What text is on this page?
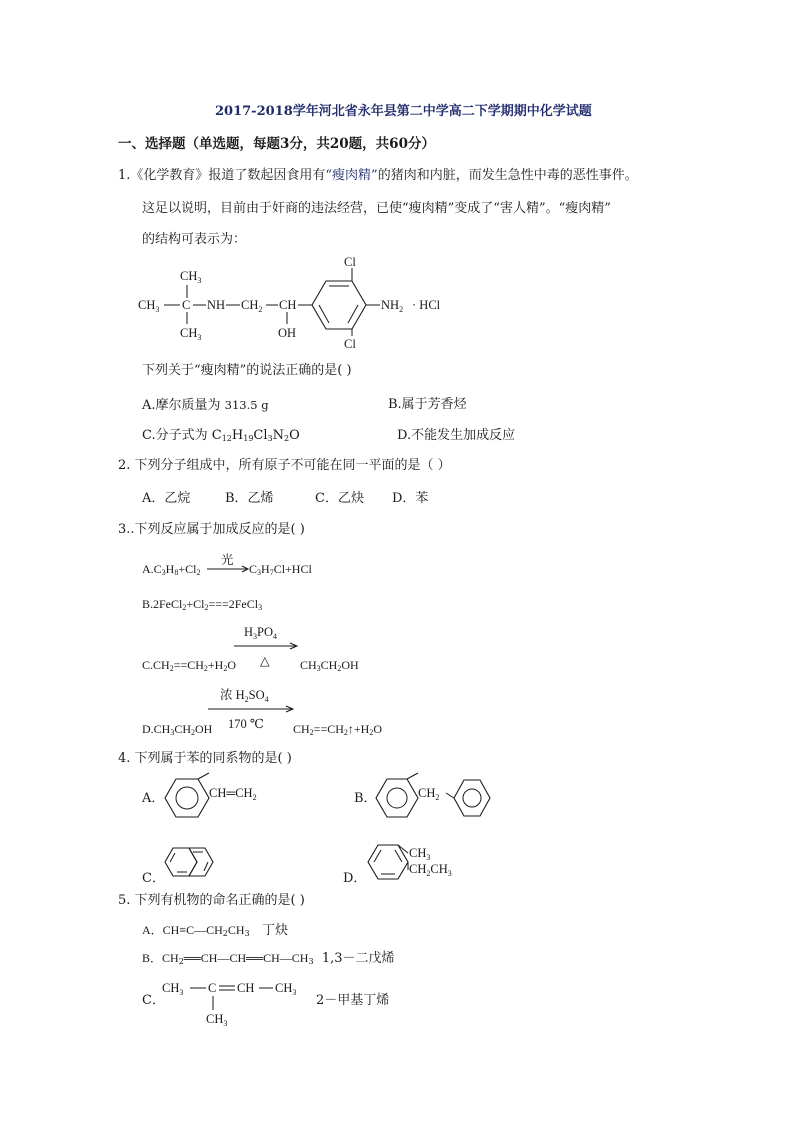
2017-2018学年河北省永年县第二中学高二下学期期中化学试题
一、选择题（单选题，每题3分，共20题，共60分）
1.《化学教育》报道了数起因食用有“瘦肉精”的猪肉和内脏，而发生急性中毒的恶性事件。
这足以说明，目前由于奸商的违法经营，已使“瘦肉精”变成了“害人精”。“瘦肉精”
的结构可表示为：
$CH_3$
$CH_3$ C
$CH_3$
NH $CH_2$ CH
OH
Cl
Cl
$NH_2$ · HCl
下列关于“瘦肉精”的说法正确的是( )
A.摩尔质量为 313.5 g	B.属于芳香烃
C.分子式为 $C_{12}H_{19}Cl_3N_2O$	D.不能发生加成反应
2. 下列分子组成中，所有原子不可能在同一平面的是（ ）
A．乙烷	B．乙烯	C．乙炔 D．苯
3..下列反应属于加成反应的是( )
$A.C_3H_8+Cl_2$
光
$C_3H_7Cl+HCl$
$B.2FeCl_2+Cl_2===2FeCl_3$
$H_3PO_4$
△
$C.CH_2==CH_2+H_2O$	$CH_3CH_2OH$
浓 $H_2SO_4$
170 ℃
$D.CH_3CH_2OH$	$CH_2==CH_2↑+H_2O$
4. 下列属于苯的同系物的是( )
A．	$CH═CH_2$	B．	$CH_2$
C．	D．
$CH_3$
$CH_2CH_3$
5. 下列有机物的命名正确的是( )
A．$CH\equiv C—CH_2CH_3$ 丁炔
B．$CH_2══CH—CH══CH—CH_3$ 1,3－二戊烯
C．
$CH_3$ C CH $CH_3$
$CH_3$
2－甲基丁烯
